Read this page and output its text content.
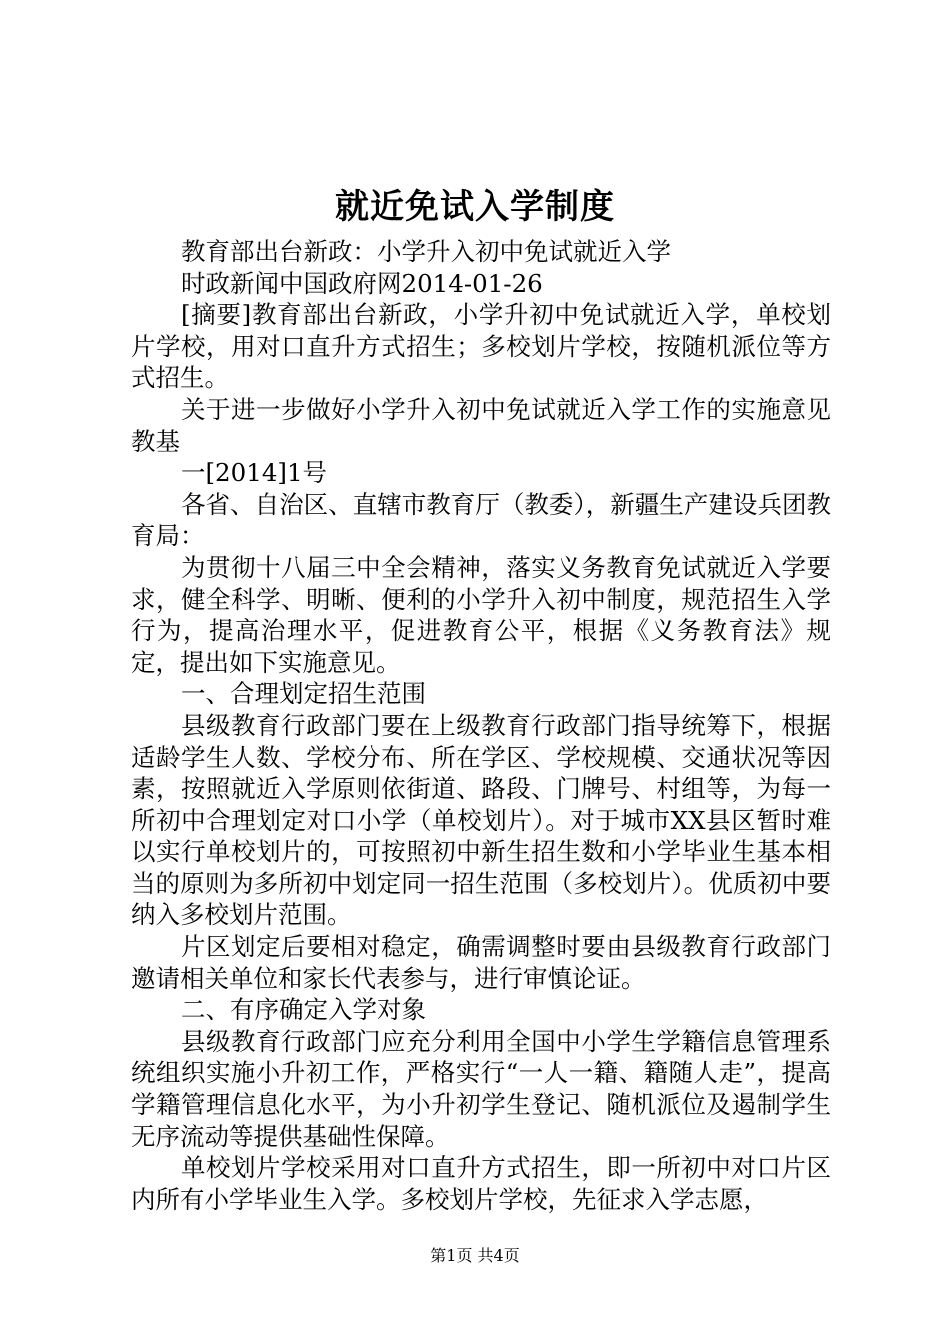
就近免试入学制度

教育部出台新政：小学升入初中免试就近入学

时政新闻中国政府网2014-01-26

[摘要]教育部出台新政，小学升初中免试就近入学，单校划片学校，用对口直升方式招生；多校划片学校，按随机派位等方式招生。

关于进一步做好小学升入初中免试就近入学工作的实施意见教基

一[2014]1号

各省、自治区、直辖市教育厅（教委），新疆生产建设兵团教育局：

为贯彻十八届三中全会精神，落实义务教育免试就近入学要求，健全科学、明晰、便利的小学升入初中制度，规范招生入学行为，提高治理水平，促进教育公平，根据《义务教育法》规定，提出如下实施意见。

一、合理划定招生范围

县级教育行政部门要在上级教育行政部门指导统筹下，根据适龄学生人数、学校分布、所在学区、学校规模、交通状况等因素，按照就近入学原则依街道、路段、门牌号、村组等，为每一所初中合理划定对口小学（单校划片）。对于城市XX县区暂时难以实行单校划片的，可按照初中新生招生数和小学毕业生基本相当的原则为多所初中划定同一招生范围（多校划片）。优质初中要纳入多校划片范围。

片区划定后要相对稳定，确需调整时要由县级教育行政部门邀请相关单位和家长代表参与，进行审慎论证。

二、有序确定入学对象

县级教育行政部门应充分利用全国中小学生学籍信息管理系统组织实施小升初工作，严格实行“一人一籍、籍随人走”，提高学籍管理信息化水平，为小升初学生登记、随机派位及遏制学生无序流动等提供基础性保障。

单校划片学校采用对口直升方式招生，即一所初中对口片区内所有小学毕业生入学。多校划片学校，先征求入学志愿，

第1页 共4页
